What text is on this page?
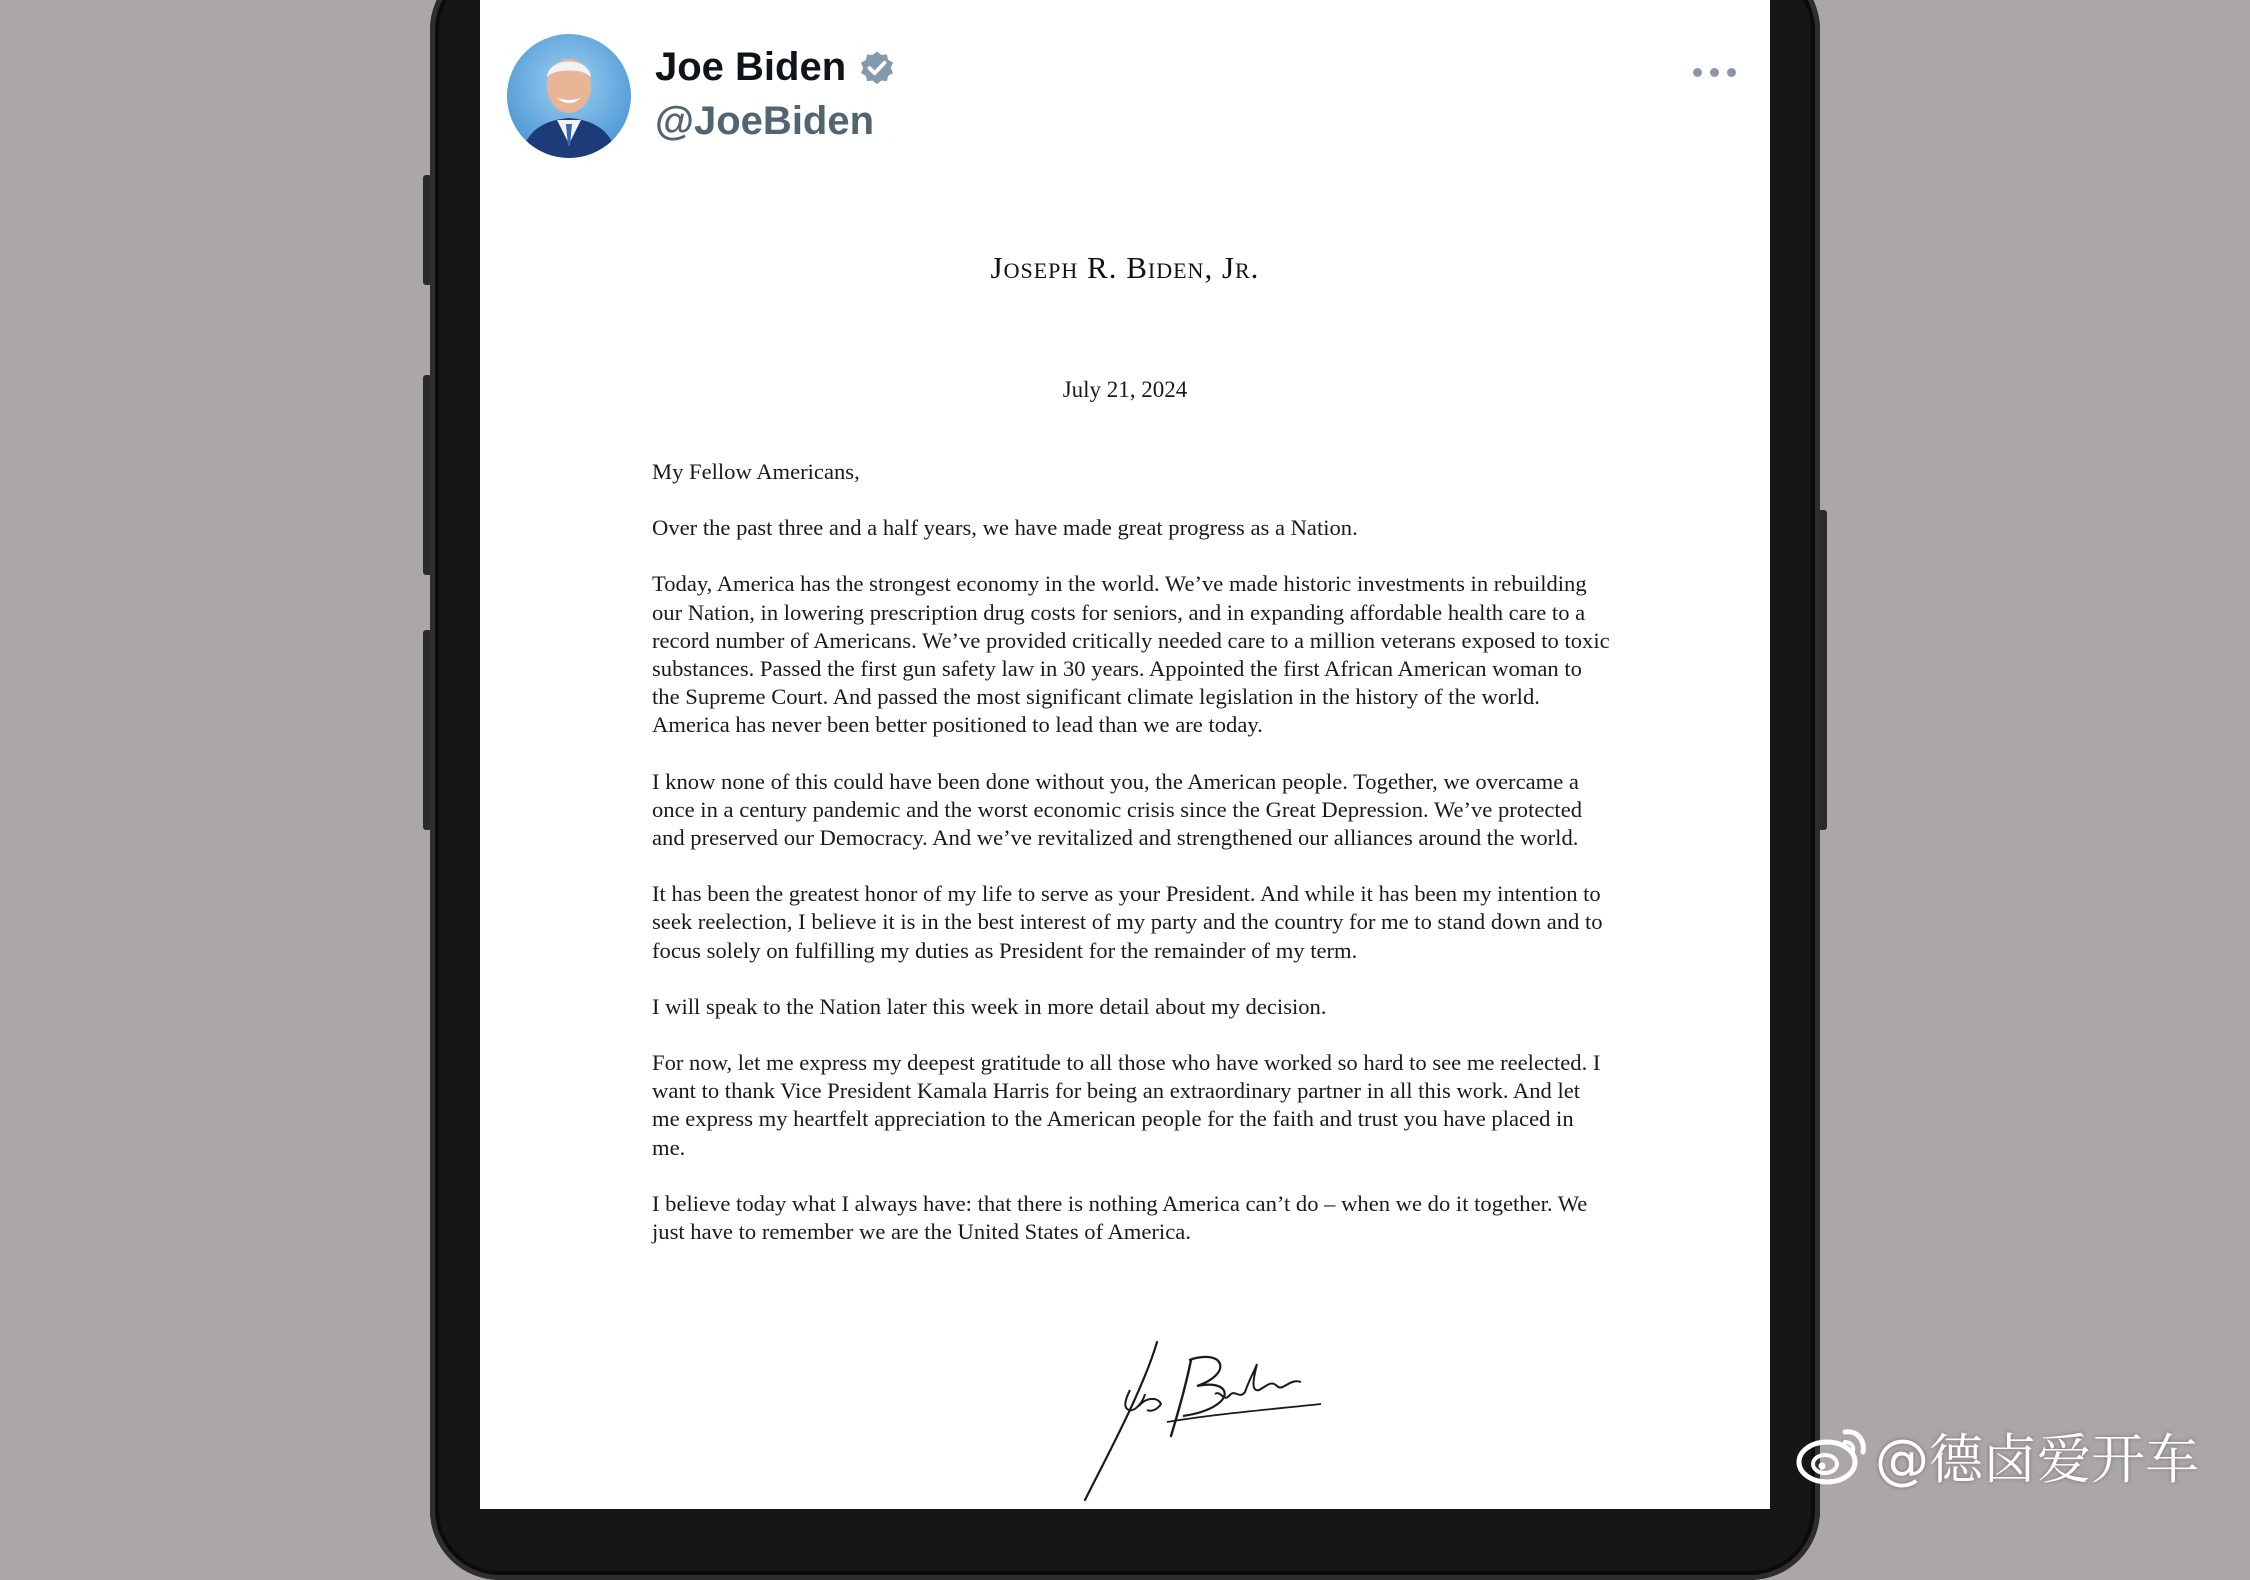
Joe Biden
@JoeBiden
Joseph R. Biden, Jr.
July 21, 2024

My Fellow Americans,

Over the past three and a half years, we have made great progress as a Nation.

Today, America has the strongest economy in the world. We’ve made historic investments in rebuilding our Nation, in lowering prescription drug costs for seniors, and in expanding affordable health care to a record number of Americans. We’ve provided critically needed care to a million veterans exposed to toxic substances. Passed the first gun safety law in 30 years. Appointed the first African American woman to the Supreme Court. And passed the most significant climate legislation in the history of the world. America has never been better positioned to lead than we are today.

I know none of this could have been done without you, the American people. Together, we overcame a once in a century pandemic and the worst economic crisis since the Great Depression. We’ve protected and preserved our Democracy. And we’ve revitalized and strengthened our alliances around the world.

It has been the greatest honor of my life to serve as your President. And while it has been my intention to seek reelection, I believe it is in the best interest of my party and the country for me to stand down and to focus solely on fulfilling my duties as President for the remainder of my term.

I will speak to the Nation later this week in more detail about my decision.

For now, let me express my deepest gratitude to all those who have worked so hard to see me reelected. I want to thank Vice President Kamala Harris for being an extraordinary partner in all this work. And let me express my heartfelt appreciation to the American people for the faith and trust you have placed in me.

I believe today what I always have: that there is nothing America can’t do – when we do it together. We just have to remember we are the United States of America.

@德卤爱开车
